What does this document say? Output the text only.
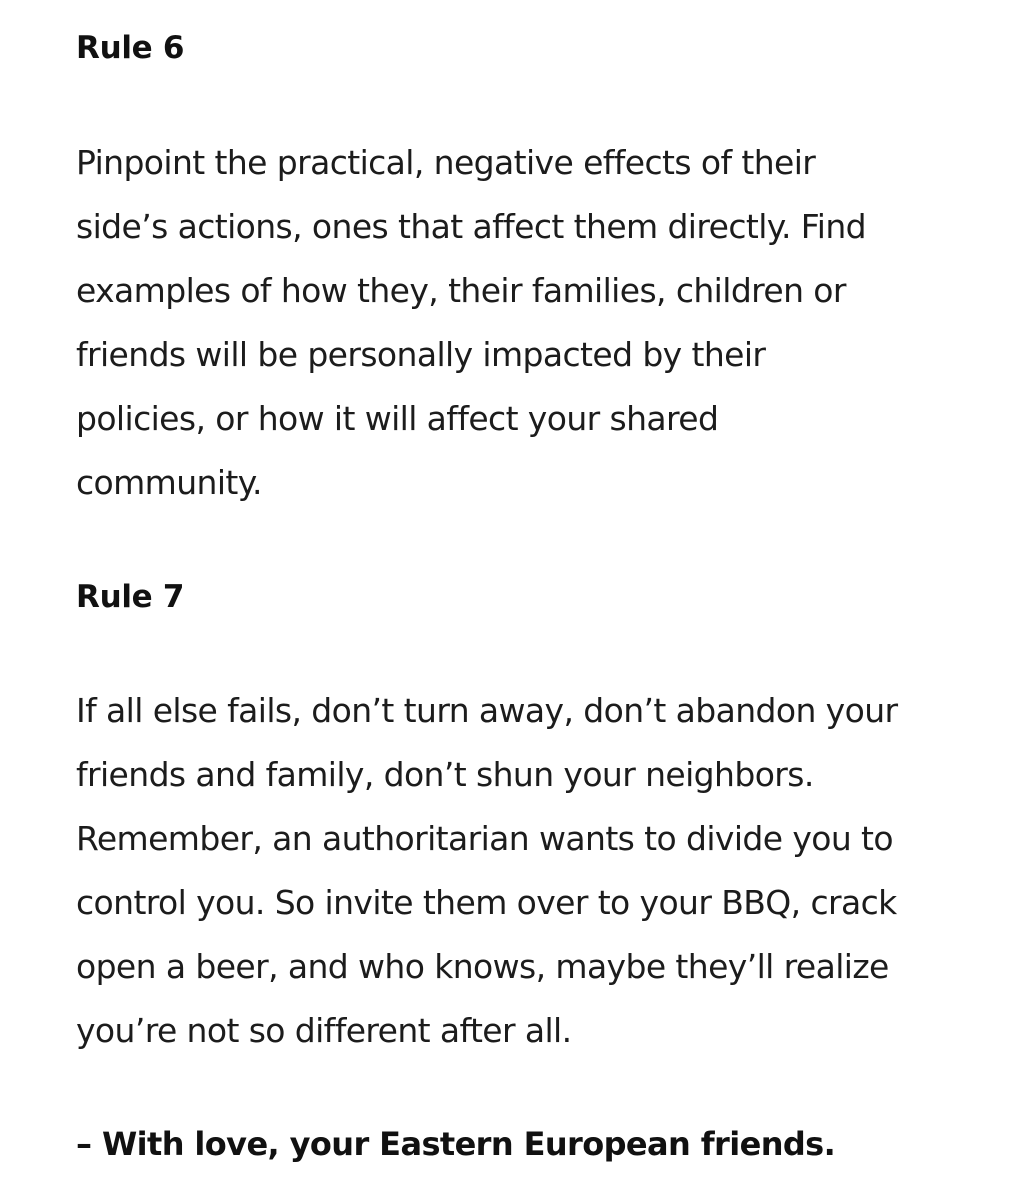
Rule 6
Pinpoint the practical, negative effects of their
side’s actions, ones that affect them directly. Find
examples of how they, their families, children or
friends will be personally impacted by their
policies, or how it will affect your shared
community.
Rule 7
If all else fails, don’t turn away, don’t abandon your
friends and family, don’t shun your neighbors.
Remember, an authoritarian wants to divide you to
control you. So invite them over to your BBQ, crack
open a beer, and who knows, maybe they’ll realize
you’re not so different after all.
– With love, your Eastern European friends.
